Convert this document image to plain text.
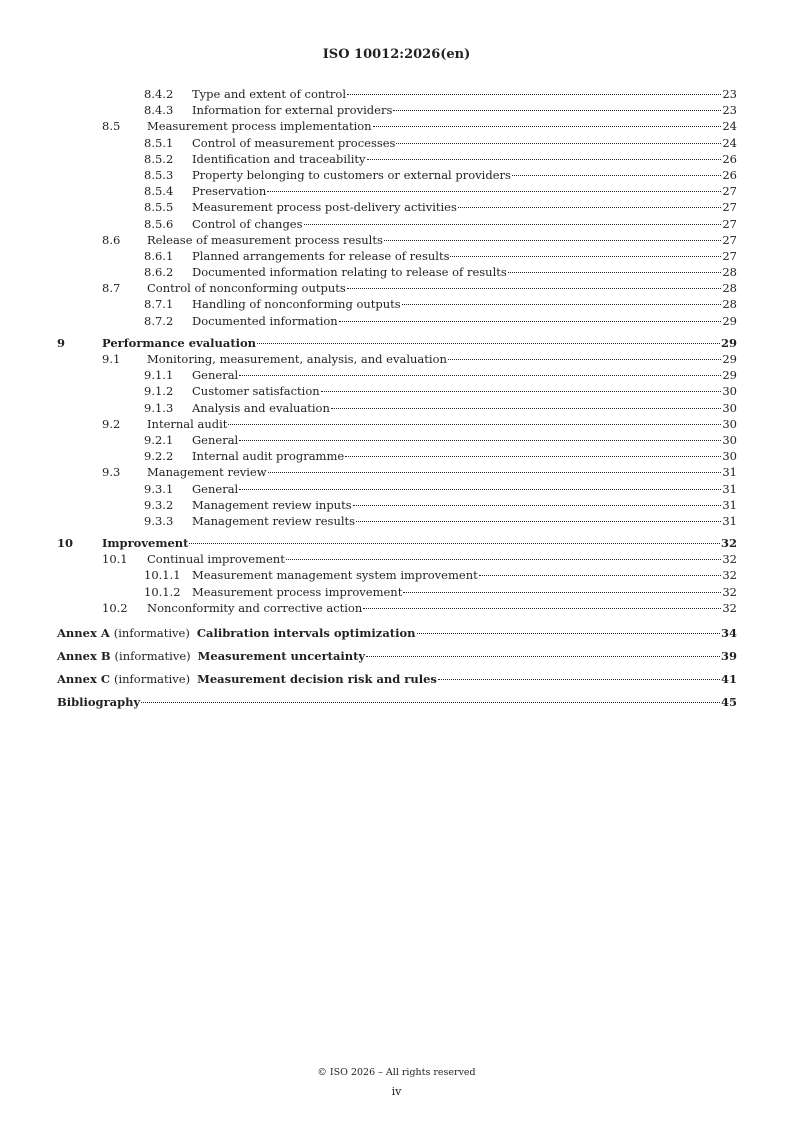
ISO 10012:2026(en)
8.4.2 Type and extent of control	23
8.4.3 Information for external providers	23
8.5 Measurement process implementation	24
8.5.1 Control of measurement processes	24
8.5.2 Identification and traceability	26
8.5.3 Property belonging to customers or external providers	26
8.5.4 Preservation	27
8.5.5 Measurement process post-delivery activities	27
8.5.6 Control of changes	27
8.6 Release of measurement process results	27
8.6.1 Planned arrangements for release of results	27
8.6.2 Documented information relating to release of results	28
8.7 Control of nonconforming outputs	28
8.7.1 Handling of nonconforming outputs	28
8.7.2 Documented information	29
9	Performance evaluation	29
9.1 Monitoring, measurement, analysis, and evaluation	29
9.1.1 General	29
9.1.2 Customer satisfaction	30
9.1.3 Analysis and evaluation	30
9.2 Internal audit	30
9.2.1 General	30
9.2.2 Internal audit programme	30
9.3 Management review	31
9.3.1 General	31
9.3.2 Management review inputs	31
9.3.3 Management review results	31
10	Improvement	32
10.1 Continual improvement	32
10.1.1 Measurement management system improvement	32
10.1.2 Measurement process improvement	32
10.2 Nonconformity and corrective action	32
Annex A (informative) Calibration intervals optimization	34
Annex B (informative) Measurement uncertainty	39
Annex C (informative) Measurement decision risk and rules	41
Bibliography	45
© ISO 2026 – All rights reserved
iv
